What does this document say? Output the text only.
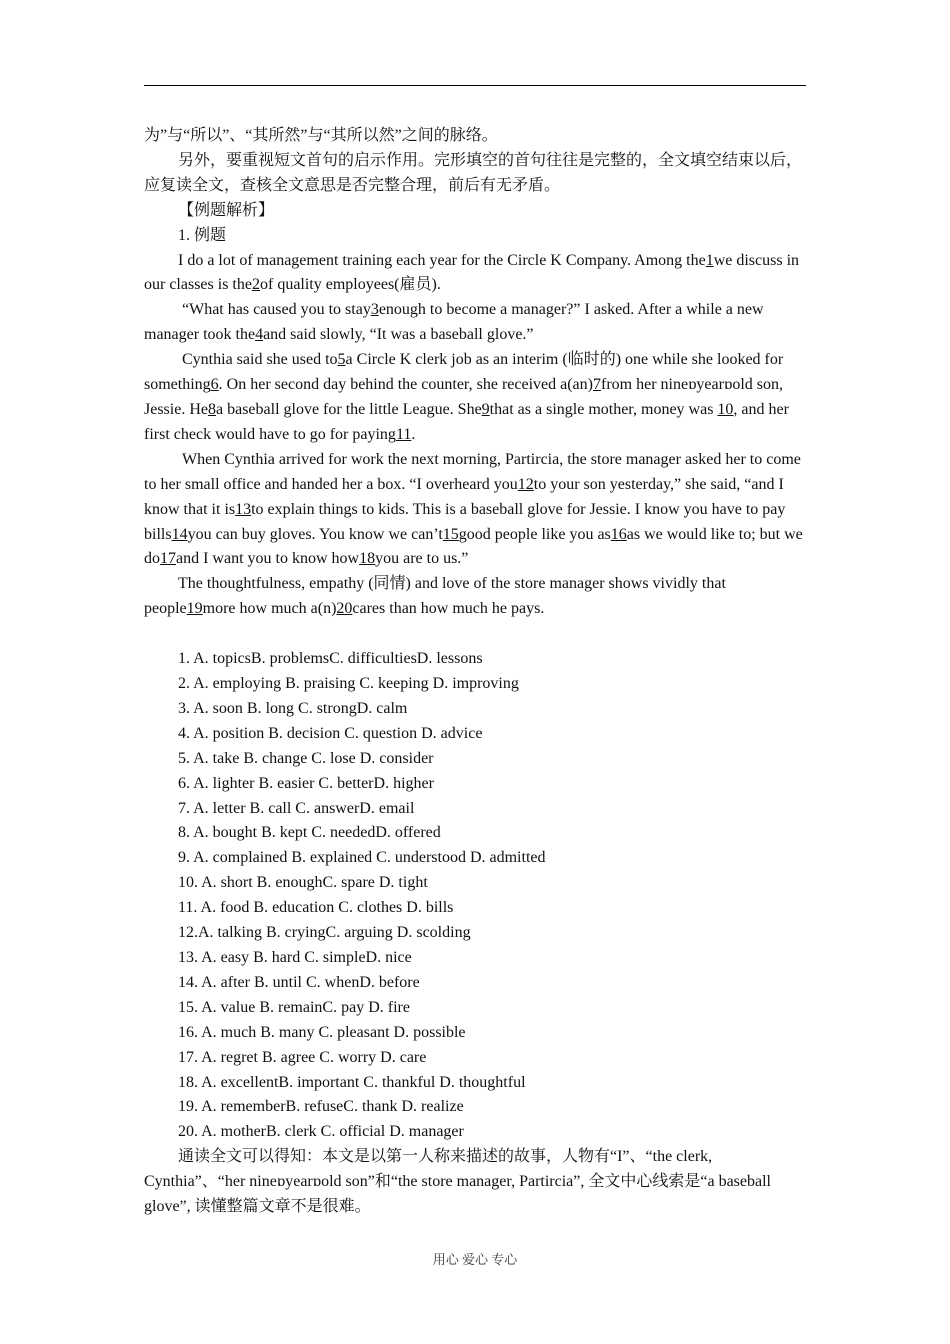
为”与“所以”、“其所然”与“其所以然”之间的脉络。

另外，要重视短文首句的启示作用。完形填空的首句往往是完整的，全文填空结束以后，应复读全文，查核全文意思是否完整合理，前后有无矛盾。

【例题解析】

1. 例题

I do a lot of management training each year for the Circle K Company. Among the1we discuss in our classes is the2of quality employees(雇员).

“What has caused you to stay3enough to become a manager?” I asked. After a while a new manager took the4and said slowly, “It was a baseball glove.”

Cynthia said she used to5a Circle K clerk job as an interim (临时的) one while she looked for something6. On her second day behind the counter, she received a(an)7from her nineɒyearɒold son, Jessie. He8a baseball glove for the little League. She9that as a single mother, money was 10, and her first check would have to go for paying11.

When Cynthia arrived for work the next morning, Partircia, the store manager asked her to come to her small office and handed her a box. “I overheard you12to your son yesterday,” she said, “and I know that it is13to explain things to kids. This is a baseball glove for Jessie. I know you have to pay bills14you can buy gloves. You know we can’t15good people like you as16as we would like to; but we do17and I want you to know how18you are to us.”

The thoughtfulness, empathy (同情) and love of the store manager shows vividly that people19more how much a(n)20cares than how much he pays.

1. A. topicsB. problemsC. difficultiesD. lessons

2. A. employing B. praising C. keeping D. improving

3. A. soon B. long C. strongD. calm

4. A. position B. decision C. question D. advice

5. A. take B. change C. lose D. consider

6. A. lighter B. easier C. betterD. higher

7. A. letter B. call C. answerD. email

8. A. bought B. kept C. neededD. offered

9. A. complained B. explained C. understood D. admitted

10. A. short B. enoughC. spare D. tight

11. A. food B. education C. clothes D. bills

12.A. talking B. cryingC. arguing D. scolding

13. A. easy B. hard C. simpleD. nice

14. A. after B. until C. whenD. before

15. A. value B. remainC. pay D. fire

16. A. much B. many C. pleasant D. possible

17. A. regret B. agree C. worry D. care

18. A. excellentB. important C. thankful D. thoughtful

19. A. rememberB. refuseC. thank D. realize

20. A. motherB. clerk C. official D. manager

通读全文可以得知：本文是以第一人称来描述的故事，人物有“I”、“the clerk, Cynthia”、“her nineɒyearɒold son”和“the store manager, Partircia”, 全文中心线索是“a baseball glove”, 读懂整篇文章不是很难。

用心 爱心 专心
